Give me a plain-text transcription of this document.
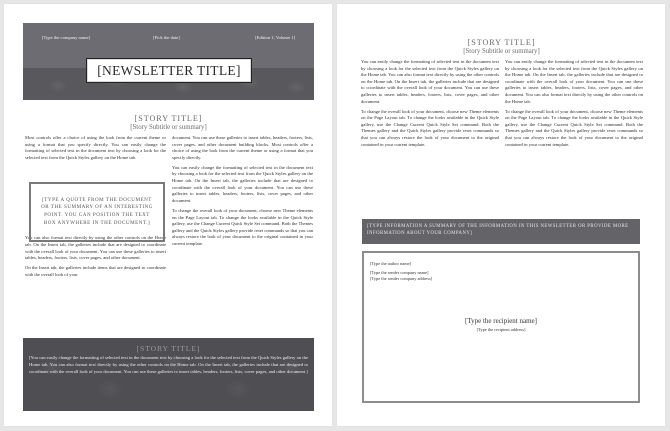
[Type the company name]	[Pick the date]	[Edition 1, Volume 1]
[NEWSLETTER TITLE]
[STORY TITLE]
[Story Subtitle or summary]

Most controls offer a choice of using the look from the current theme or using a format that you specify directly. You can easily change the formatting of selected text in the document text by choosing a look for the selected text from the Quick Styles gallery on the Home tab.

You can also format text directly by using the other controls on the Home tab. On the Insert tab, the galleries include that are designed to coordinate with the overall look of your document. You can use these galleries to insert tables, headers, footers, lists, cover pages, and other document.

On the Insert tab, the galleries include items that are designed to coordinate with the overall look of your

[TYPE A QUOTE FROM THE DOCUMENT OR THE SUMMARY OF AN INTERESTING POINT. YOU CAN POSITION THE TEXT BOX ANYWHERE IN THE DOCUMENT.]

document. You can use these galleries to insert tables, headers, footers, lists, cover pages, and other document building blocks. Most controls offer a choice of using the look from the current theme or using a format that you specify directly.

You can easily change the formatting of selected text in the document text by choosing a look for the selected text from the Quick Styles gallery on the Home tab. On the Insert tab, the galleries include that are designed to coordinate with the overall look of your document. You can use these galleries to insert tables, headers, footers, lists, cover pages, and other document.

To change the overall look of your document, choose new Theme elements on the Page Layout tab. To change the looks available in the Quick Style gallery, use the Change Current Quick Style Set command. Both the Themes gallery and the Quick Styles gallery provide reset commands so that you can always restore the look of your document to the original contained in your current template.

[STORY TITLE]
[You can easily change the formatting of selected text in the document text by choosing a look for the selected text from the Quick Styles gallery on the Home tab. You can also format text directly by using the other controls on the Home tab. On the Insert tab, the galleries include that are designed to coordinate with the overall look of your document. You can use these galleries to insert tables, headers, footers, lists, cover pages, and other document.]
[STORY TITLE]
[Story Subtitle or summary]

You can easily change the formatting of selected text in the document text by choosing a look for the selected text from the Quick Styles gallery on the Home tab. You can also format text directly by using the other controls on the Home tab. On the Insert tab, the galleries include that are designed to coordinate with the overall look of your document. You can use these galleries to insert tables, headers, footers, lists, cover pages, and other document.

To change the overall look of your document, choose new Theme elements on the Page Layout tab. To change the looks available in the Quick Style gallery, use the Change Current Quick Style Set command. Both the Themes gallery and the Quick Styles gallery provide reset commands so that you can always restore the look of your document to the original contained in your current template.

You can easily change the formatting of selected text in the document text by choosing a look for the selected text from the Quick Styles gallery on the Home tab. On the Insert tab, the galleries include that are designed to coordinate with the overall look of your document. You can use these galleries to insert tables, headers, footers, lists, cover pages, and other document. You can also format text directly by using the other controls on the Home tab.

To change the overall look of your document, choose new Theme elements on the Page Layout tab. To change the looks available in the Quick Style gallery, use the Change Current Quick Style Set command. Both the Themes gallery and the Quick Styles gallery provide reset commands so that you can always restore the look of your document to the original contained in your current template.

[TYPE INFORMATION A SUMMARY OF THE INFORMATION IN THIS NEWSLETTER OR PROVIDE MORE INFORMATION ABOUT YOUR COMPANY]
[Type the author name]
[Type the sender company name]
[Type the sender company address]
[Type the recipient name]
[Type the recipient address]
